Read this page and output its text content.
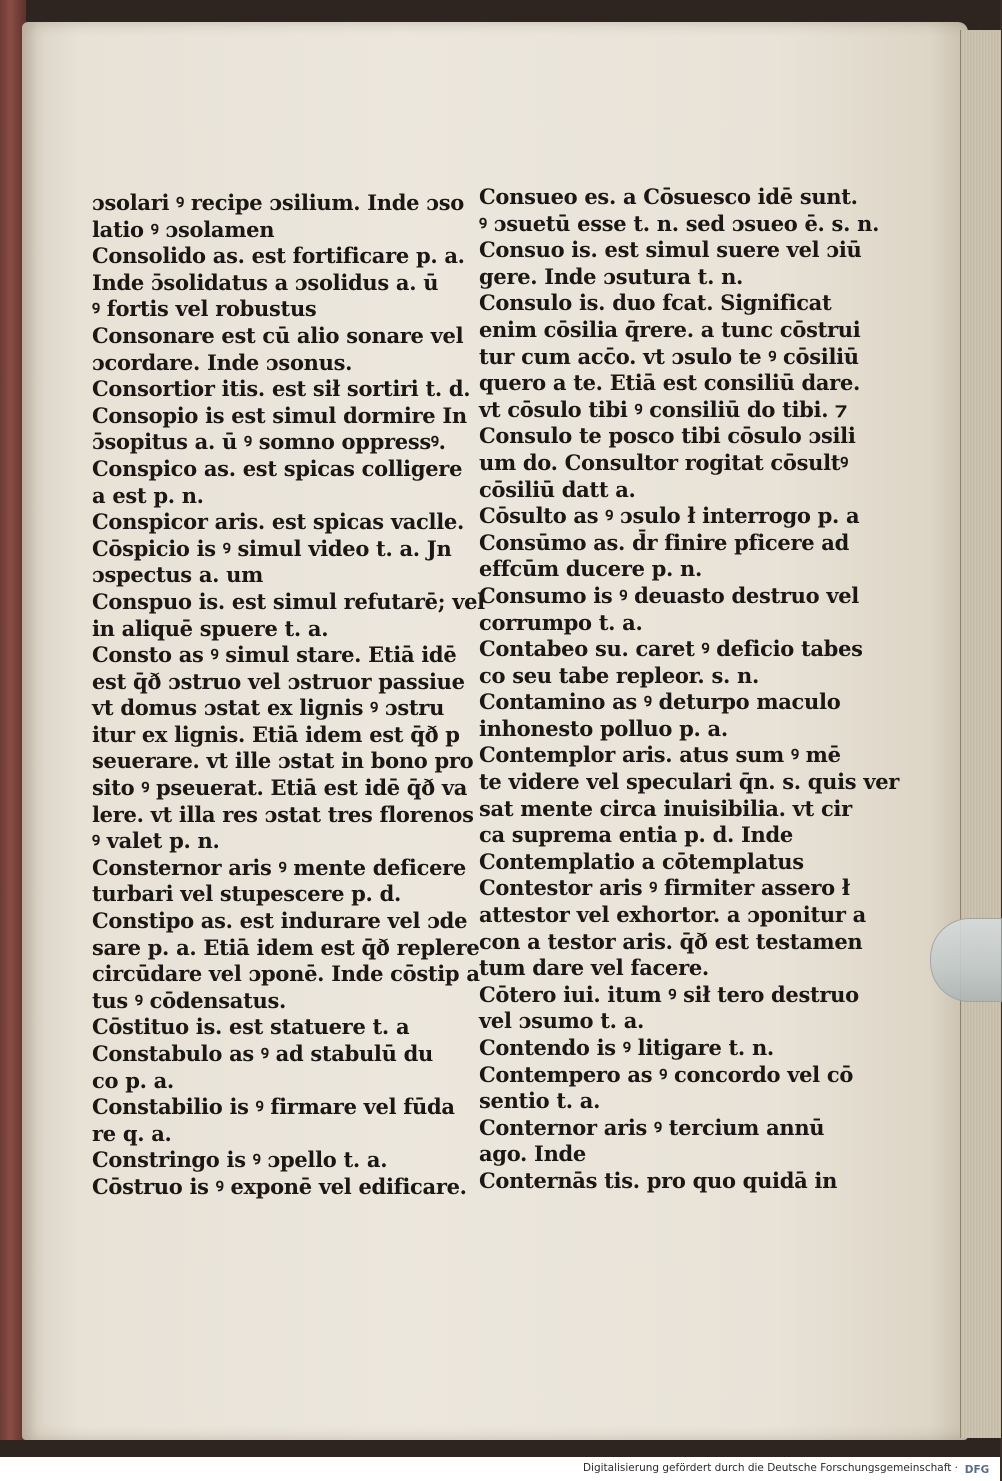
ɔsolari ꝰ recipe ɔsilium. Inde ɔso
latio ꝰ ɔsolamen
Consolido as. est fortificare p. a.
Inde ɔ̄solidatus a ɔsolidus a. ū
ꝰ fortis vel robustus
Consonare est cū alio sonare vel
ɔcordare. Inde ɔsonus.
Consortior itis. est sił sortiri t. d.
Consopio is est simul dormire In
ɔ̄sopitus a. ū ꝰ somno oppressꝰ.
Conspico as. est spicas colligere
a est p. n.
Conspicor aris. est spicas vaclle.
Cōspicio is ꝰ simul video t. a. Jn
ɔspectus a. um
Conspuo is. est simul refutarē; vel
in aliquē spuere t. a.
Consto as ꝰ simul stare. Etiā idē
est q̄ð ɔstruo vel ɔstruor passiue
vt domus ɔstat ex lignis ꝰ ɔstru
itur ex lignis. Etiā idem est q̄ð p
seuerare. vt ille ɔstat in bono pro
sito ꝰ pseuerat. Etiā est idē q̄ð va
lere. vt illa res ɔstat tres florenos
ꝰ valet p. n.
Consternor aris ꝰ mente deficere
turbari vel stupescere p. d.
Constipo as. est indurare vel ɔde
sare p. a. Etiā idem est q̄ð replere
circūdare vel ɔponē. Inde cōstip a
tus ꝰ cōdensatus.
Cōstituo is. est statuere t. a
Constabulo as ꝰ ad stabulū du
co p. a.
Constabilio is ꝰ firmare vel fūda
re q. a.
Constringo is ꝰ ɔpello t. a.
Cōstruo is ꝰ exponē vel edificare.
Consueo es. a Cōsuesco idē sunt.
ꝰ ɔsuetū esse t. n. sed ɔsueo ē. s. n.
Consuo is. est simul suere vel ɔiū
gere. Inde ɔsutura t. n.
Consulo is. duo fcat. Significat
enim cōsilia q̄rere. a tunc cōstrui
tur cum acc̄o. vt ɔsulo te ꝰ cōsiliū
quero a te. Etiā est consiliū dare.
vt cōsulo tibi ꝰ consiliū do tibi. ⁊
Consulo te posco tibi cōsulo ɔsili
um do. Consultor rogitat cōsultꝰ
cōsiliū datt a.
Cōsulto as ꝰ ɔsulo ł interrogo p. a
Consūmo as. d̄r finire pficere ad
effcūm ducere p. n.
Consumo is ꝰ deuasto destruo vel
corrumpo t. a.
Contabeo su. caret ꝰ deficio tabes
co seu tabe repleor. s. n.
Contamino as ꝰ deturpo maculo
inhonesto polluo p. a.
Contemplor aris. atus sum ꝰ mē
te videre vel speculari q̄n. s. quis ver
sat mente circa inuisibilia. vt cir
ca suprema entia p. d. Inde
Contemplatio a cōtemplatus
Contestor aris ꝰ firmiter assero ł
attestor vel exhortor. a ɔponitur a
con a testor aris. q̄ð est testamen
tum dare vel facere.
Cōtero iui. itum ꝰ sił tero destruo
vel ɔsumo t. a.
Contendo is ꝰ litigare t. n.
Contempero as ꝰ concordo vel cō
sentio t. a.
Conternor aris ꝰ tercium annū
ago. Inde
Conternās tis. pro quo quidā in
Digitalisierung gefördert durch die Deutsche Forschungsgemeinschaft · DFG
